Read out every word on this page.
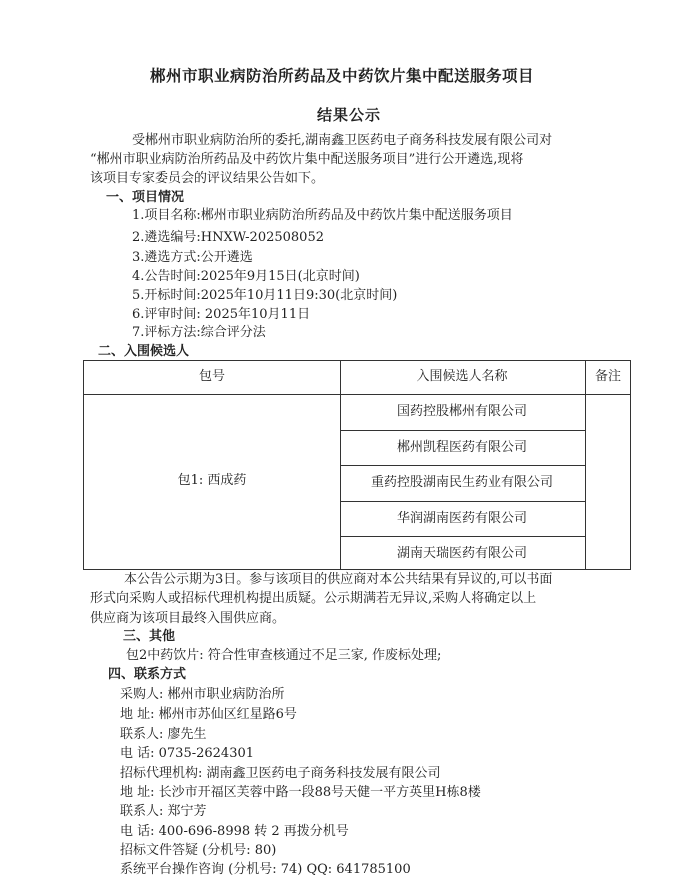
郴州市职业病防治所药品及中药饮片集中配送服务项目
结果公示
受郴州市职业病防治所的委托,湖南鑫卫医药电子商务科技发展有限公司对
“郴州市职业病防治所药品及中药饮片集中配送服务项目”进行公开遴选,现将
该项目专家委员会的评议结果公告如下。
一、项目情况
1.项目名称:郴州市职业病防治所药品及中药饮片集中配送服务项目
2.遴选编号:HNXW-202508052
3.遴选方式:公开遴选
4.公告时间:2025年9月15日(北京时间)
5.开标时间:2025年10月11日9:30(北京时间)
6.评审时间: 2025年10月11日
7.评标方法:综合评分法
二、入围候选人
包号	入围候选人名称	备注
包1: 西成药
国药控股郴州有限公司
郴州凯程医药有限公司
重药控股湖南民生药业有限公司
华润湖南医药有限公司
湖南天瑞医药有限公司
本公告公示期为3日。参与该项目的供应商对本公共结果有异议的,可以书面
形式向采购人或招标代理机构提出质疑。公示期满若无异议,采购人将确定以上
供应商为该项目最终入围供应商。
三、其他
包2中药饮片: 符合性审查核通过不足三家, 作废标处理;
四、联系方式
采购人: 郴州市职业病防治所
地 址: 郴州市苏仙区红星路6号
联系人: 廖先生
电 话: 0735-2624301
招标代理机构: 湖南鑫卫医药电子商务科技发展有限公司
地 址: 长沙市开福区芙蓉中路一段88号天健一平方英里H栋8楼
联系人: 郑宁芳
电 话: 400-696-8998 转 2 再拨分机号
招标文件答疑 (分机号: 80)
系统平台操作咨询 (分机号: 74) QQ: 641785100
